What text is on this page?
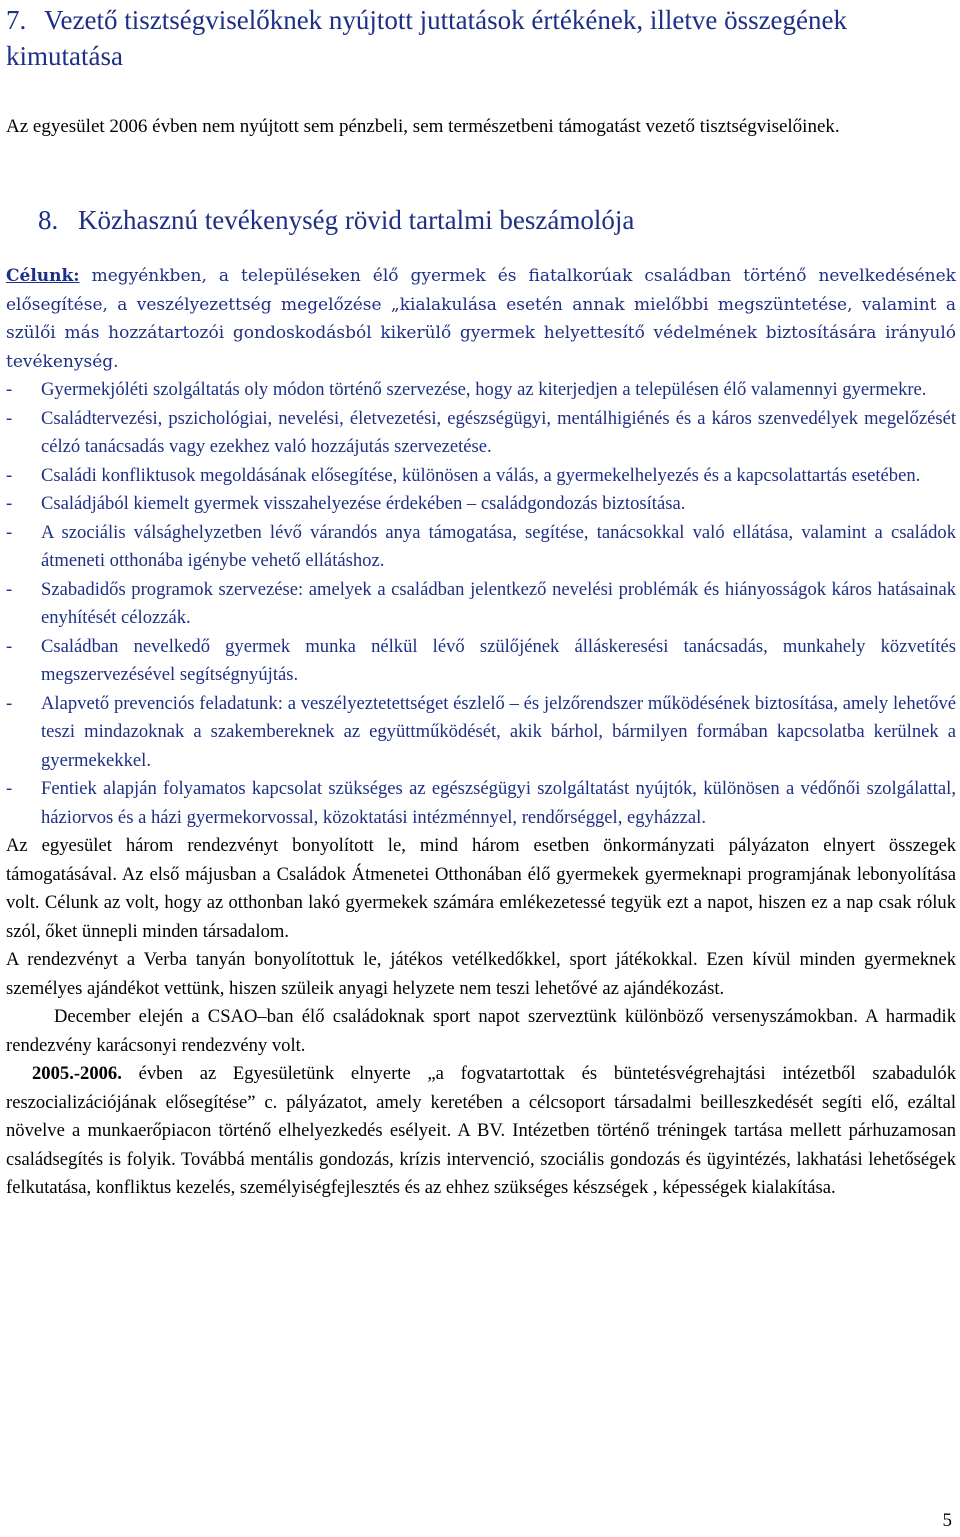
7. Vezető tisztségviselőknek nyújtott juttatások értékének, illetve összegének kimutatása

Az egyesület 2006 évben nem nyújtott sem pénzbeli, sem természetbeni támogatást vezető tisztségviselőinek.

8. Közhasznú tevékenység rövid tartalmi beszámolója

Célunk: megyénkben, a településeken élő gyermek és fiatalkorúak családban történő nevelkedésének elősegítése, a veszélyezettség megelőzése „kialakulása esetén annak mielőbbi megszüntetése, valamint a szülői más hozzátartozói gondoskodásból kikerülő gyermek helyettesítő védelmének biztosítására irányuló tevékenység.

- Gyermekjóléti szolgáltatás oly módon történő szervezése, hogy az kiterjedjen a településen élő valamennyi gyermekre.
- Családtervezési, pszichológiai, nevelési, életvezetési, egészségügyi, mentálhigiénés és a káros szenvedélyek megelőzését célzó tanácsadás vagy ezekhez való hozzájutás szervezetése.
- Családi konfliktusok megoldásának elősegítése, különösen a válás, a gyermekelhelyezés és a kapcsolattartás esetében.
- Családjából kiemelt gyermek visszahelyezése érdekében – családgondozás biztosítása.
- A szociális válsághelyzetben lévő várandós anya támogatása, segítése, tanácsokkal való ellátása, valamint a családok átmeneti otthonába igénybe vehető ellátáshoz.
- Szabadidős programok szervezése: amelyek a családban jelentkező nevelési problémák és hiányosságok káros hatásainak enyhítését célozzák.
- Családban nevelkedő gyermek munka nélkül lévő szülőjének álláskeresési tanácsadás, munkahely közvetítés megszervezésével segítségnyújtás.
- Alapvető prevenciós feladatunk: a veszélyeztetettséget észlelő – és jelzőrendszer működésének biztosítása, amely lehetővé teszi mindazoknak a szakembereknek az együttműködését, akik bárhol, bármilyen formában kapcsolatba kerülnek a gyermekekkel.
- Fentiek alapján folyamatos kapcsolat szükséges az egészségügyi szolgáltatást nyújtók, különösen a védőnői szolgálattal, háziorvos és a házi gyermekorvossal, közoktatási intézménnyel, rendőrséggel, egyházzal.

Az egyesület három rendezvényt bonyolított le, mind három esetben önkormányzati pályázaton elnyert összegek támogatásával. Az első májusban a Családok Átmenetei Otthonában élő gyermekek gyermeknapi programjának lebonyolítása volt. Célunk az volt, hogy az otthonban lakó gyermekek számára emlékezetessé tegyük ezt a napot, hiszen ez a nap csak róluk szól, őket ünnepli minden társadalom.

A rendezvényt a Verba tanyán bonyolítottuk le, játékos vetélkedőkkel, sport játékokkal. Ezen kívül minden gyermeknek személyes ajándékot vettünk, hiszen szüleik anyagi helyzete nem teszi lehetővé az ajándékozást.

December elején a CSAO–ban élő családoknak sport napot szerveztünk különböző versenyszámokban. A harmadik rendezvény karácsonyi rendezvény volt.

2005.-2006. évben az Egyesületünk elnyerte „a fogvatartottak és büntetésvégrehajtási intézetből szabadulók reszocializációjának elősegítése” c. pályázatot, amely keretében a célcsoport társadalmi beilleszkedését segíti elő, ezáltal növelve a munkaerőpiacon történő elhelyezkedés esélyeit. A BV. Intézetben történő tréningek tartása mellett párhuzamosan családsegítés is folyik. Továbbá mentális gondozás, krízis intervenció, szociális gondozás és ügyintézés, lakhatási lehetőségek felkutatása, konfliktus kezelés, személyiségfejlesztés és az ehhez szükséges készségek , képességek kialakítása.

5
